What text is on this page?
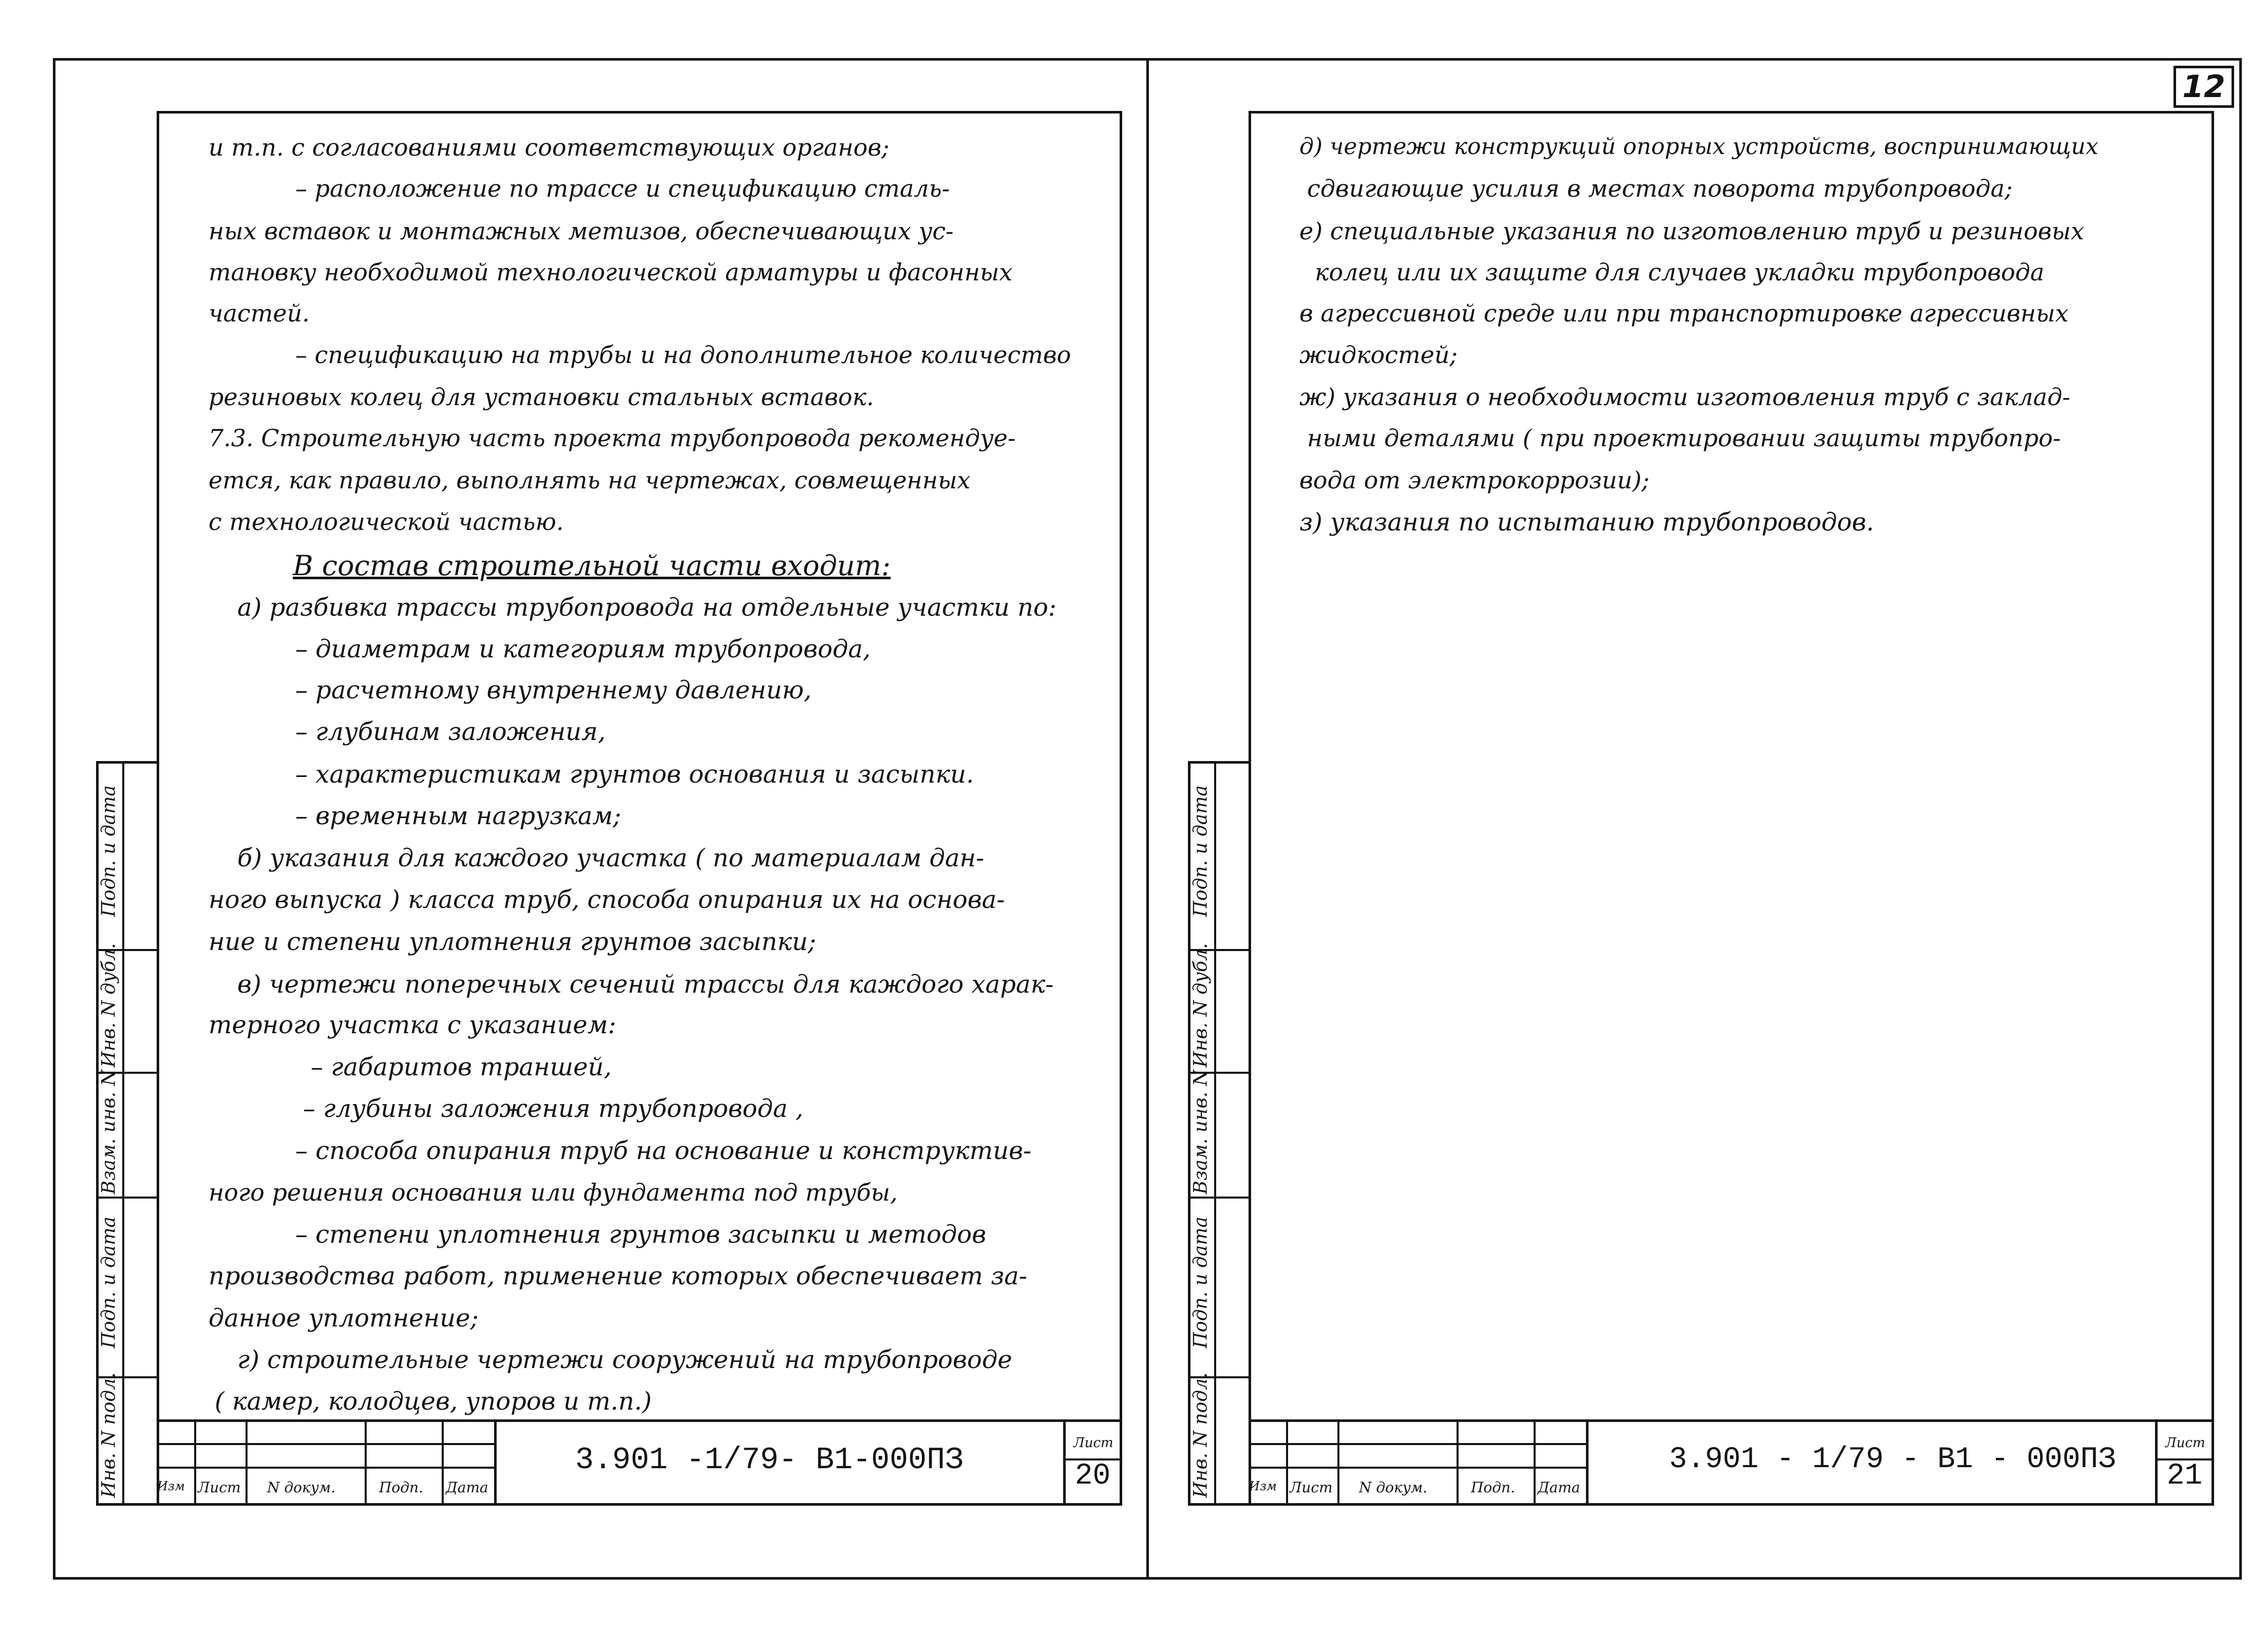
12
и т.п. с согласованиями соответствующих органов;
– расположение по трассе и спецификацию сталь-
ных вставок и монтажных метизов, обеспечивающих ус-
тановку необходимой технологической арматуры и фасонных
частей.
– спецификацию на трубы и на дополнительное количество
резиновых колец для установки стальных вставок.
7.3. Строительную часть проекта трубопровода рекомендуе-
ется, как правило, выполнять на чертежах, совмещенных
с технологической частью.
В состав строительной части входит:
а) разбивка трассы трубопровода на отдельные участки по:
– диаметрам и категориям трубопровода,
– расчетному внутреннему давлению,
– глубинам заложения,
– характеристикам грунтов основания и засыпки.
– временным нагрузкам;
б) указания для каждого участка ( по материалам дан-
ного выпуска ) класса труб, способа опирания их на основа-
ние и степени уплотнения грунтов засыпки;
в) чертежи поперечных сечений трассы для каждого харак-
терного участка с указанием:
– габаритов траншей,
– глубины заложения трубопровода ,
– способа опирания труб на основание и конструктив-
ного решения основания или фундамента под трубы,
– степени уплотнения грунтов засыпки и методов
производства работ, применение которых обеспечивает за-
данное уплотнение;
г) строительные чертежи сооружений на трубопроводе
( камер, колодцев, упоров и т.п.)
Подп. и дата
Инв. N дубл.
Взам. инв. N
Подп. и дата
Инв. N подл.	Изм Лист N докум.	Подп. Дата
3.901 -1/79- В1-000ПЗ	Лист
20
д) чертежи конструкций опорных устройств, воспринимающих
сдвигающие усилия в местах поворота трубопровода;
е) специальные указания по изготовлению труб и резиновых
колец или их защите для случаев укладки трубопровода
в агрессивной среде или при транспортировке агрессивных
жидкостей;
ж) указания о необходимости изготовления труб с заклад-
ными деталями ( при проектировании защиты трубопро-
вода от электрокоррозии);
з) указания по испытанию трубопроводов.
Подп. и дата
Инв. N дубл.
Взам. инв. N
Подп. и дата
Инв. N подл.	Изм Лист N докум.	Подп. Дата
3.901 - 1/79 - В1 - 000ПЗ	Лист
21
